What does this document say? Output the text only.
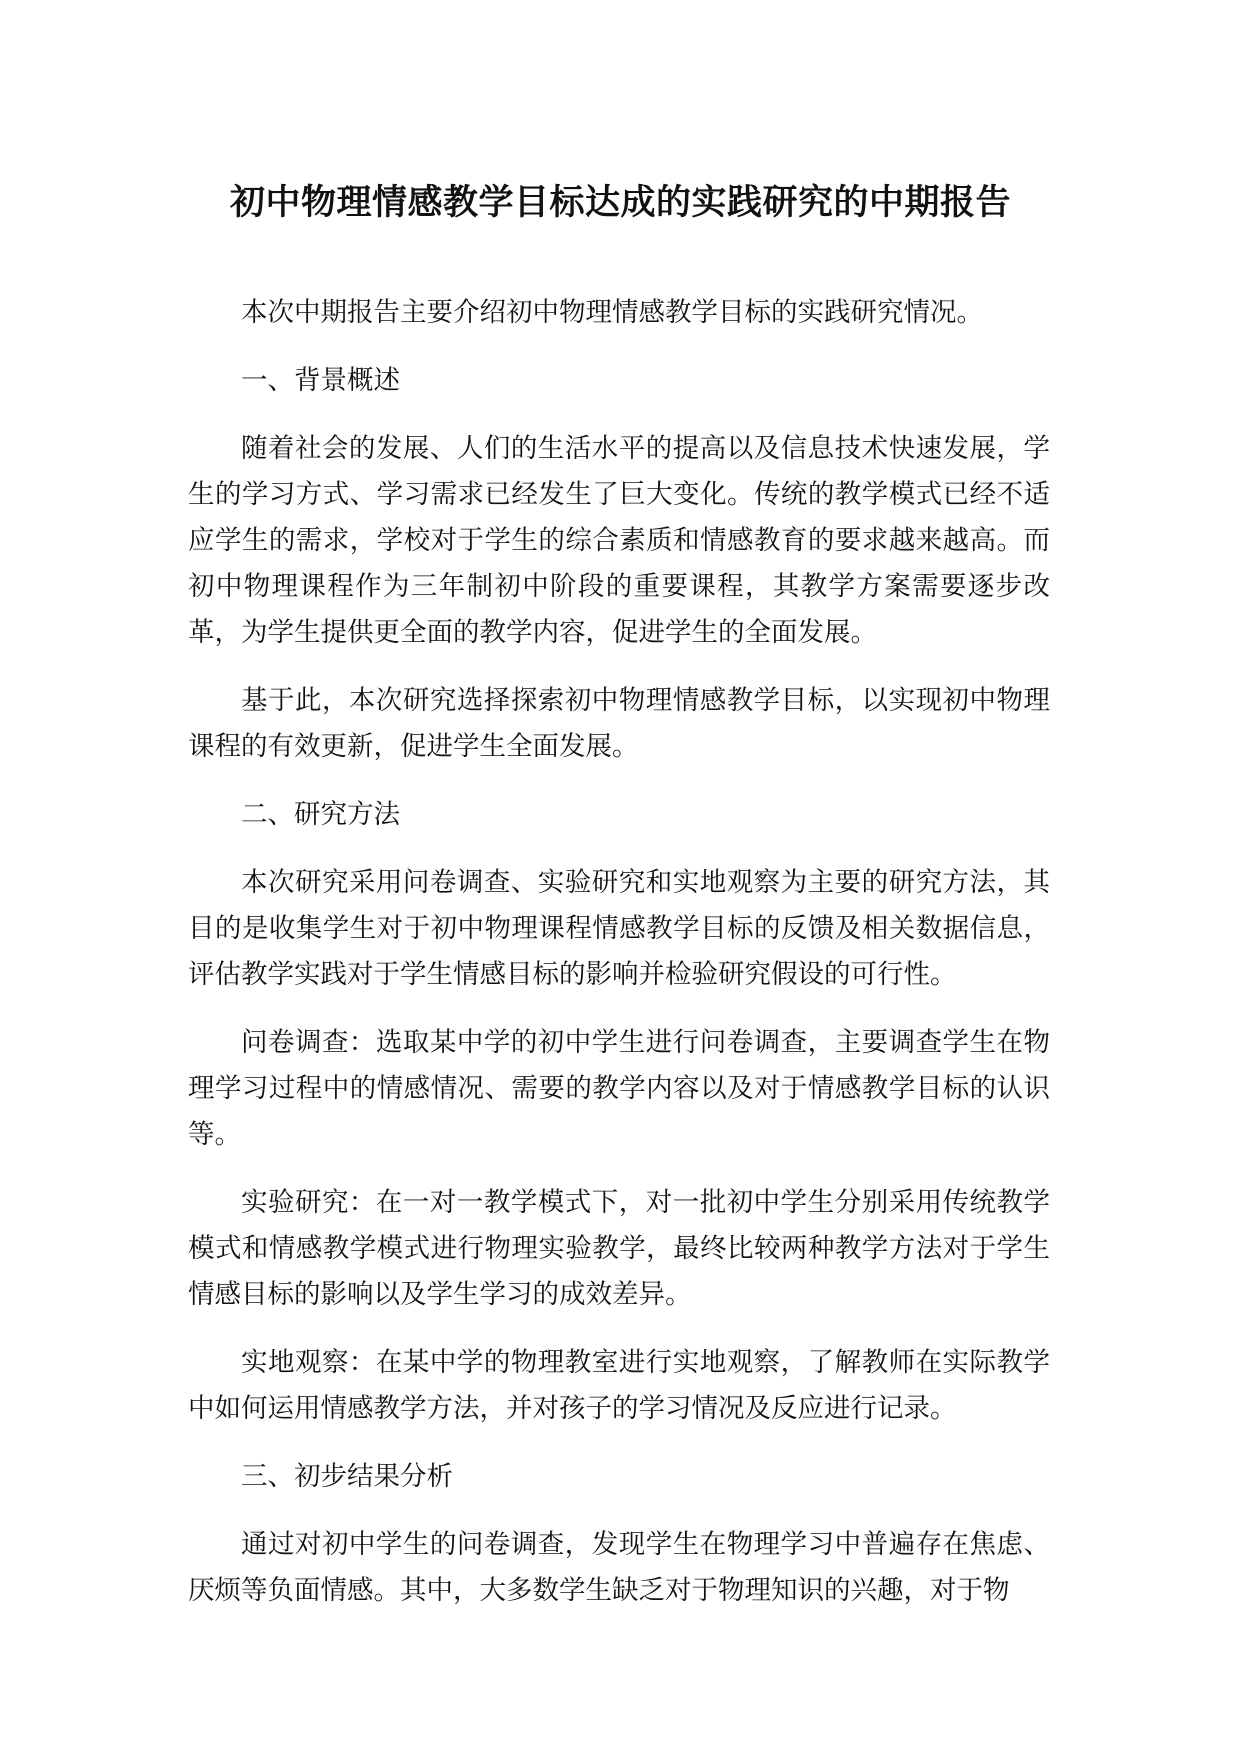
初中物理情感教学目标达成的实践研究的中期报告

本次中期报告主要介绍初中物理情感教学目标的实践研究情况。

一、背景概述

随着社会的发展、人们的生活水平的提高以及信息技术快速发展，学生的学习方式、学习需求已经发生了巨大变化。传统的教学模式已经不适应学生的需求，学校对于学生的综合素质和情感教育的要求越来越高。而初中物理课程作为三年制初中阶段的重要课程，其教学方案需要逐步改革，为学生提供更全面的教学内容，促进学生的全面发展。

基于此，本次研究选择探索初中物理情感教学目标，以实现初中物理课程的有效更新，促进学生全面发展。

二、研究方法

本次研究采用问卷调查、实验研究和实地观察为主要的研究方法，其目的是收集学生对于初中物理课程情感教学目标的反馈及相关数据信息，评估教学实践对于学生情感目标的影响并检验研究假设的可行性。

问卷调查：选取某中学的初中学生进行问卷调查，主要调查学生在物理学习过程中的情感情况、需要的教学内容以及对于情感教学目标的认识等。

实验研究：在一对一教学模式下，对一批初中学生分别采用传统教学模式和情感教学模式进行物理实验教学，最终比较两种教学方法对于学生情感目标的影响以及学生学习的成效差异。

实地观察：在某中学的物理教室进行实地观察，了解教师在实际教学中如何运用情感教学方法，并对孩子的学习情况及反应进行记录。

三、初步结果分析

通过对初中学生的问卷调查，发现学生在物理学习中普遍存在焦虑、厌烦等负面情感。其中，大多数学生缺乏对于物理知识的兴趣，对于物
